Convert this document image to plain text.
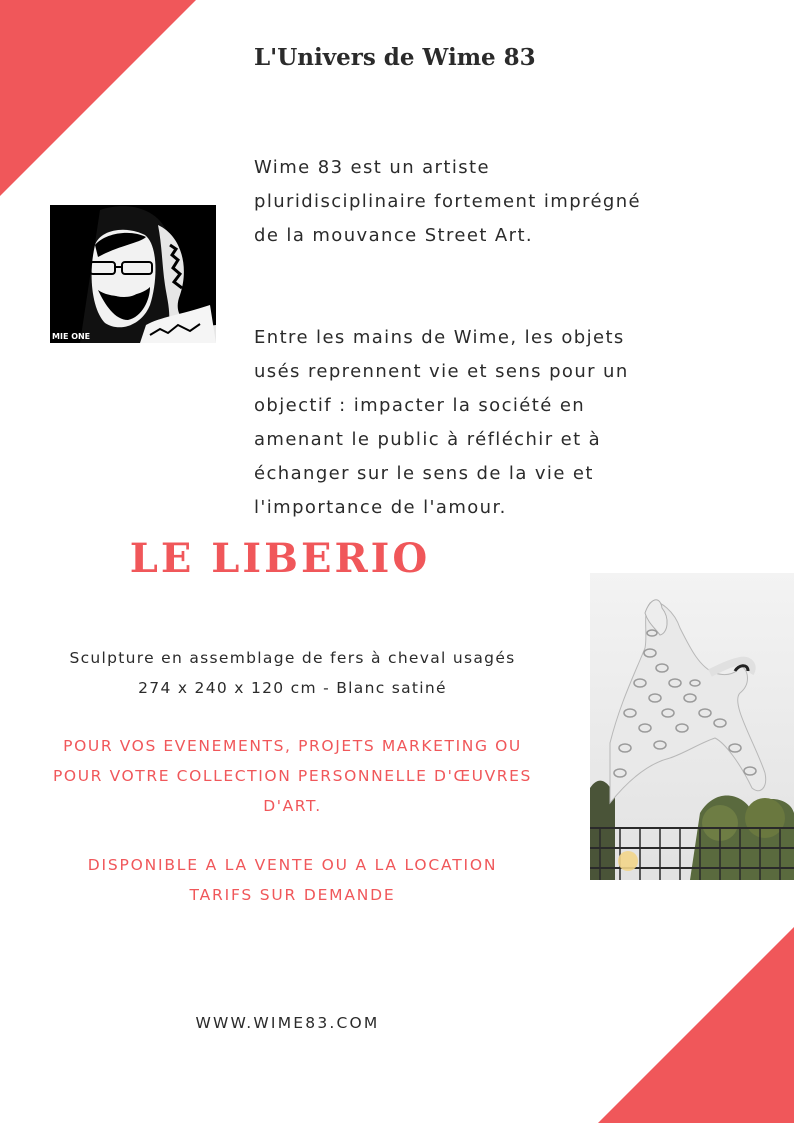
L'Univers de Wime 83

Wime 83 est un artiste
pluridisciplinaire fortement imprégné
de la mouvance Street Art.

Entre les mains de Wime, les objets
usés reprennent vie et sens pour un
objectif : impacter la société en
amenant le public à réfléchir et à
échanger sur le sens de la vie et
l'importance de l'amour.

MIE ONE
LE LIBERIO
Sculpture en assemblage de fers à cheval usagés
274 x 240 x 120 cm - Blanc satiné
POUR VOS EVENEMENTS, PROJETS MARKETING OU
POUR VOTRE COLLECTION PERSONNELLE D'ŒUVRES
D'ART.
DISPONIBLE A LA VENTE OU A LA LOCATION
TARIFS SUR DEMANDE

WWW.WIME83.COM
